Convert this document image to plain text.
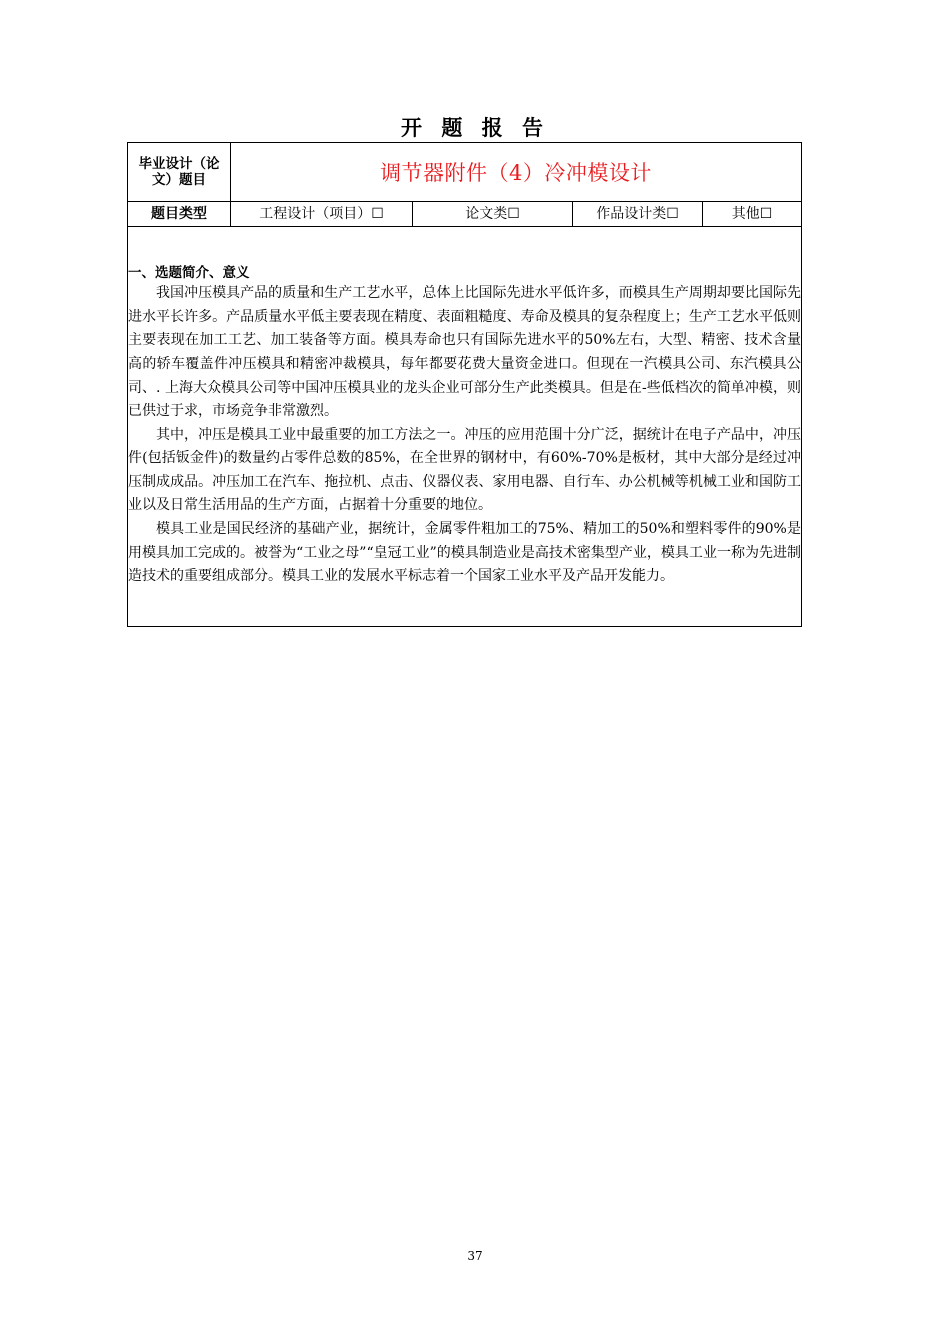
开 题 报 告
毕业设计（论文）题目	调节器附件（4）冷冲模设计			
题目类型	工程设计（项目）☐	论文类☐	作品设计类☐	其他☐

一、选题简介、意义

我国冲压模具产品的质量和生产工艺水平，总体上比国际先进水平低许多，而模具生产周期却要比国际先进水平长许多。产品质量水平低主要表现在精度、表面粗糙度、寿命及模具的复杂程度上；生产工艺水平低则主要表现在加工工艺、加工装备等方面。模具寿命也只有国际先进水平的50%左右，大型、精密、技术含量高的轿车覆盖件冲压模具和精密冲裁模具，每年都要花费大量资金进口。但现在一汽模具公司、东汽模具公司、. 上海大众模具公司等中国冲压模具业的龙头企业可部分生产此类模具。但是在-些低档次的简单冲模，则已供过于求，市场竞争非常激烈。

其中，冲压是模具工业中最重要的加工方法之一。冲压的应用范围十分广泛，据统计在电子产品中，冲压件(包括钣金件)的数量约占零件总数的85%，在全世界的钢材中，有60%-70%是板材，其中大部分是经过冲压制成成品。冲压加工在汽车、拖拉机、点击、仪器仪表、家用电器、自行车、办公机械等机械工业和国防工业以及日常生活用品的生产方面，占据着十分重要的地位。

模具工业是国民经济的基础产业，据统计，金属零件粗加工的75%、精加工的50%和塑料零件的90%是用模具加工完成的。被誉为“工业之母”“皇冠工业”的模具制造业是高技术密集型产业，模具工业一称为先进制造技术的重要组成部分。模具工业的发展水平标志着一个国家工业水平及产品开发能力。				

37
